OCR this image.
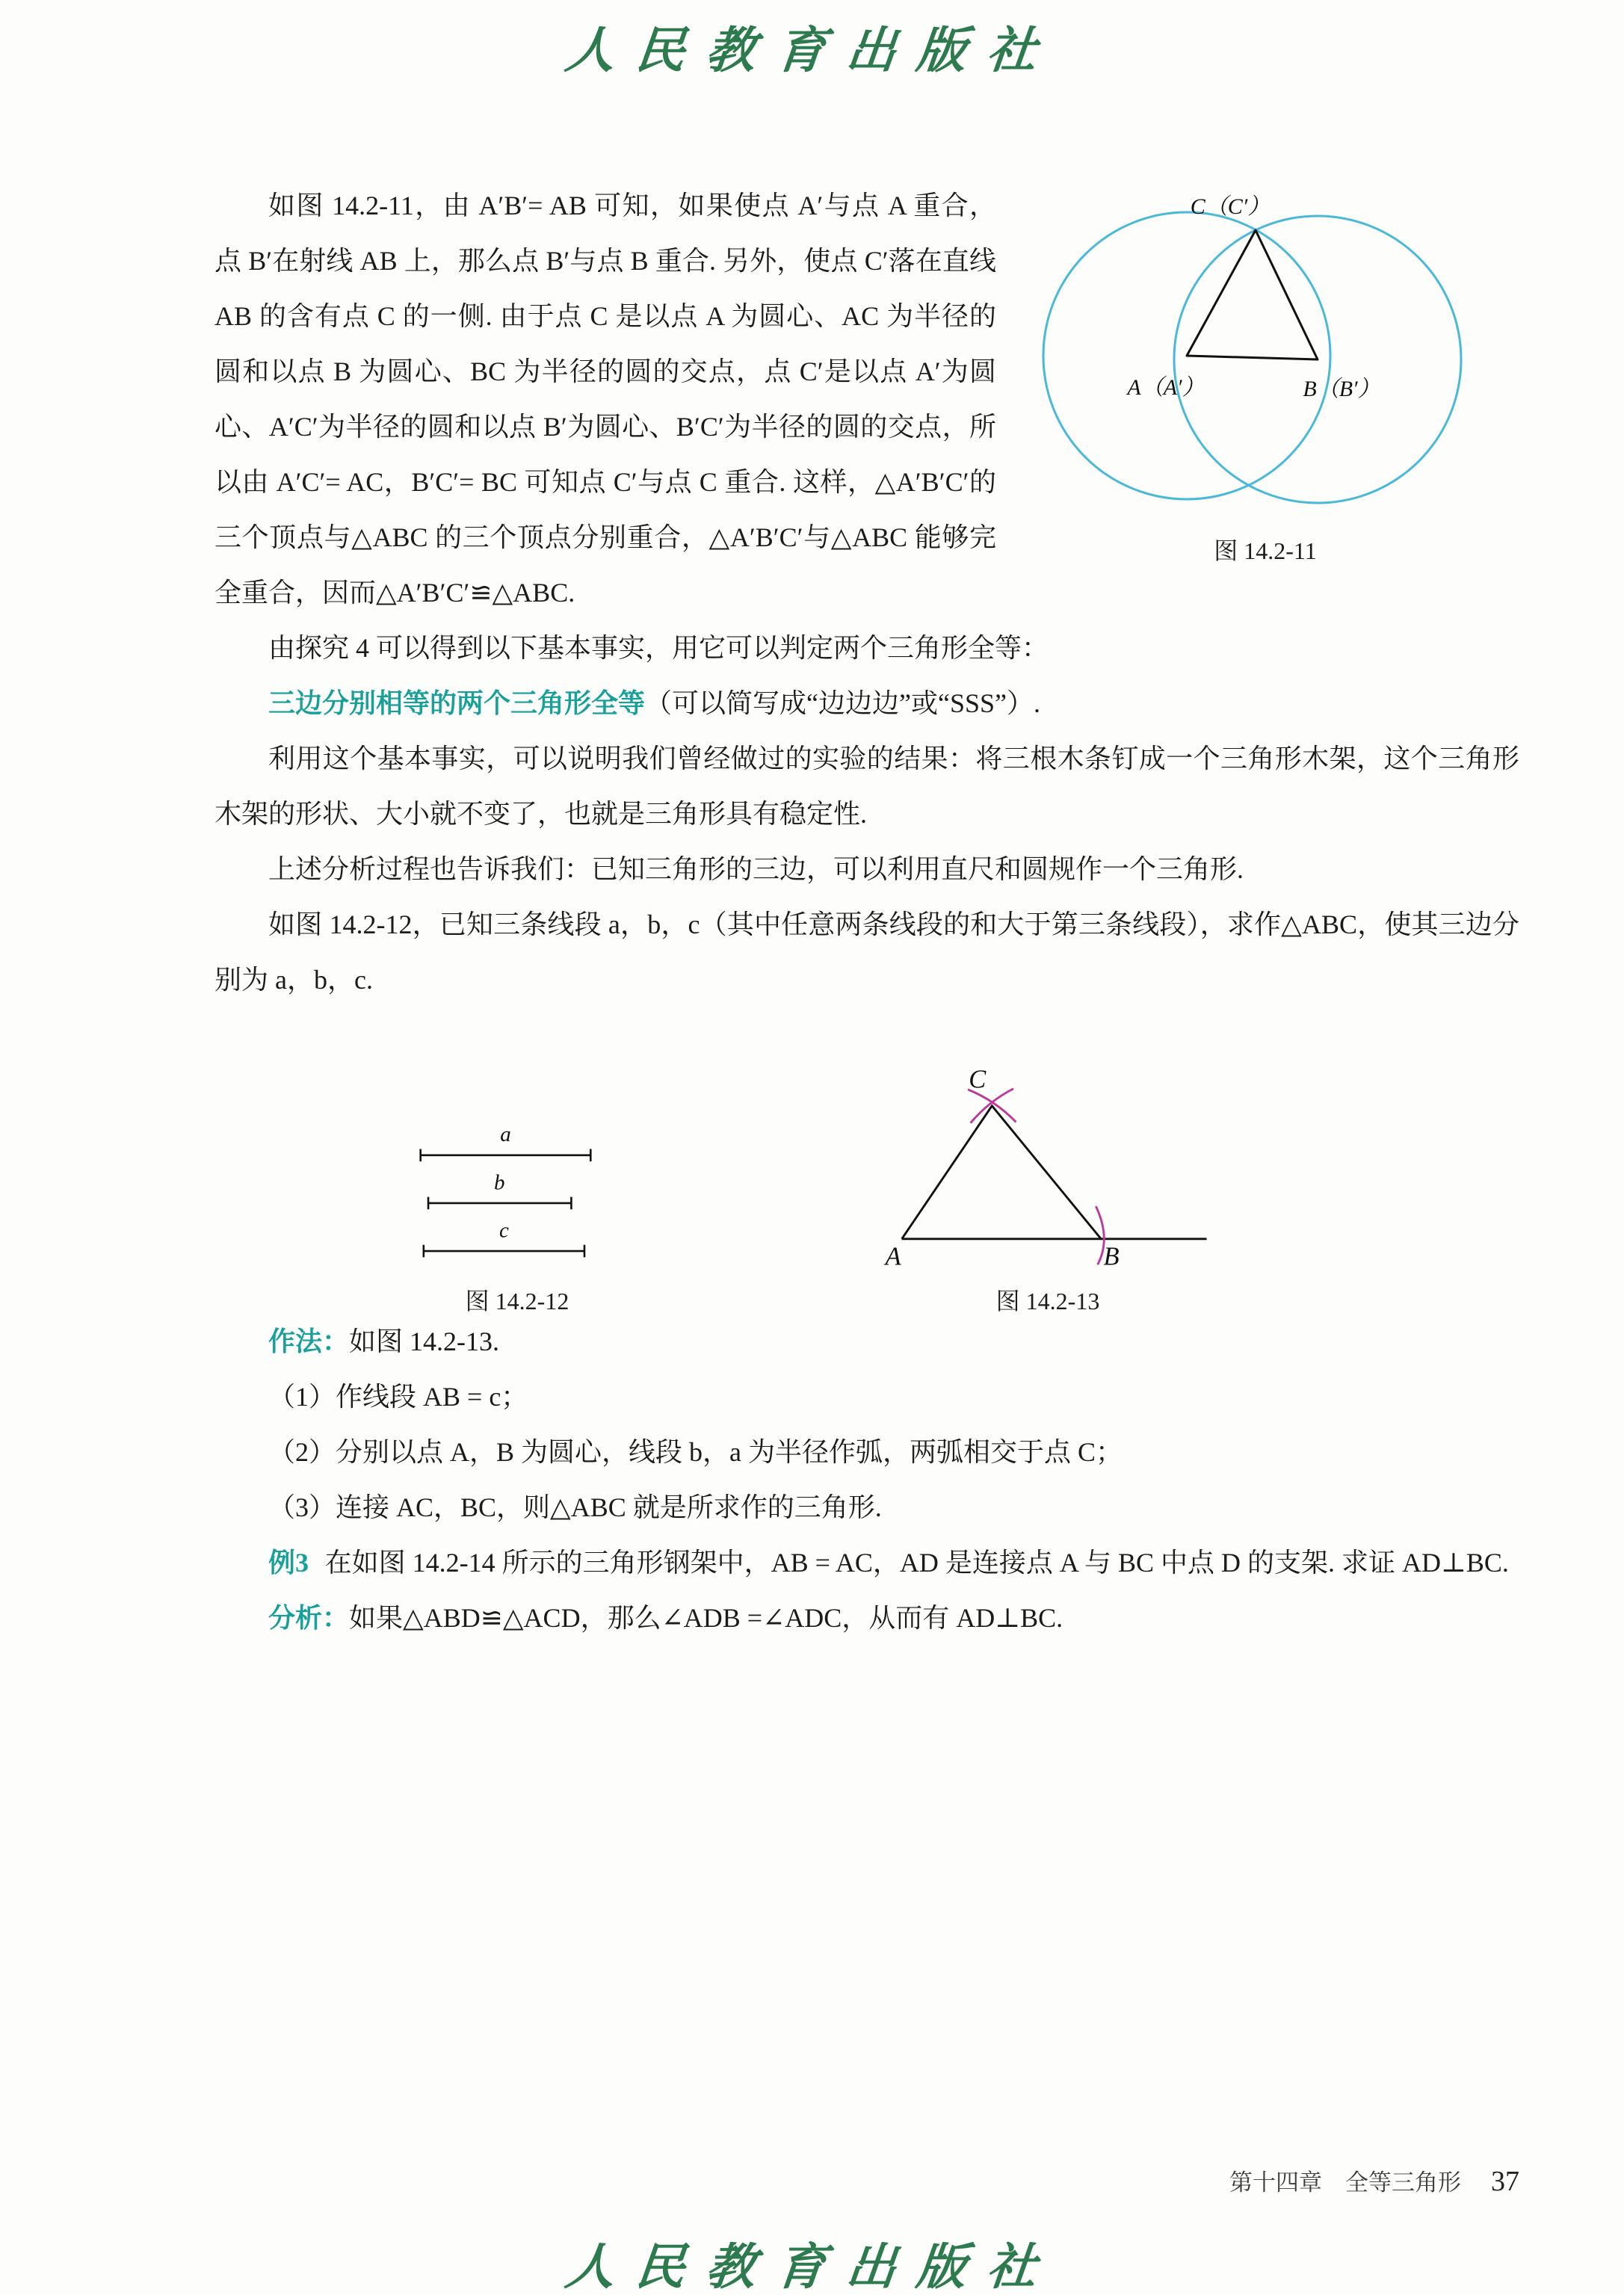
人民教育出版社
C（C′）
A（A′）	B（B′）
图 14.2-11

如图 14.2-11，由 A′B′= AB 可知，如果使点 A′与点 A 重合，点 B′在射线 AB 上，那么点 B′与点 B 重合. 另外，使点 C′落在直线 AB 的含有点 C 的一侧. 由于点 C 是以点 A 为圆心、AC 为半径的圆和以点 B 为圆心、BC 为半径的圆的交点，点 C′是以点 A′为圆心、A′C′为半径的圆和以点 B′为圆心、B′C′为半径的圆的交点，所以由 A′C′= AC，B′C′= BC 可知点 C′与点 C 重合. 这样，△A′B′C′的三个顶点与△ABC 的三个顶点分别重合，△A′B′C′与△ABC 能够完全重合，因而△A′B′C′≌△ABC.

由探究 4 可以得到以下基本事实，用它可以判定两个三角形全等：

三边分别相等的两个三角形全等（可以简写成“边边边”或“SSS”）.

利用这个基本事实，可以说明我们曾经做过的实验的结果：将三根木条钉成一个三角形木架，这个三角形木架的形状、大小就不变了，也就是三角形具有稳定性.

上述分析过程也告诉我们：已知三角形的三边，可以利用直尺和圆规作一个三角形.

如图 14.2-12，已知三条线段 a，b，c（其中任意两条线段的和大于第三条线段），求作△ABC，使其三边分别为 a，b，c.

a
b
c
图 14.2-12
C
A	B
图 14.2-13

作法：如图 14.2-13.

（1）作线段 AB = c；

（2）分别以点 A，B 为圆心，线段 b，a 为半径作弧，两弧相交于点 C；

（3）连接 AC，BC，则△ABC 就是所求作的三角形.

例3 在如图 14.2-14 所示的三角形钢架中，AB = AC，AD 是连接点 A 与 BC 中点 D 的支架. 求证 AD⊥BC.

分析：如果△ABD≌△ACD，那么∠ADB =∠ADC，从而有 AD⊥BC.

第十四章　全等三角形 37
人民教育出版社
